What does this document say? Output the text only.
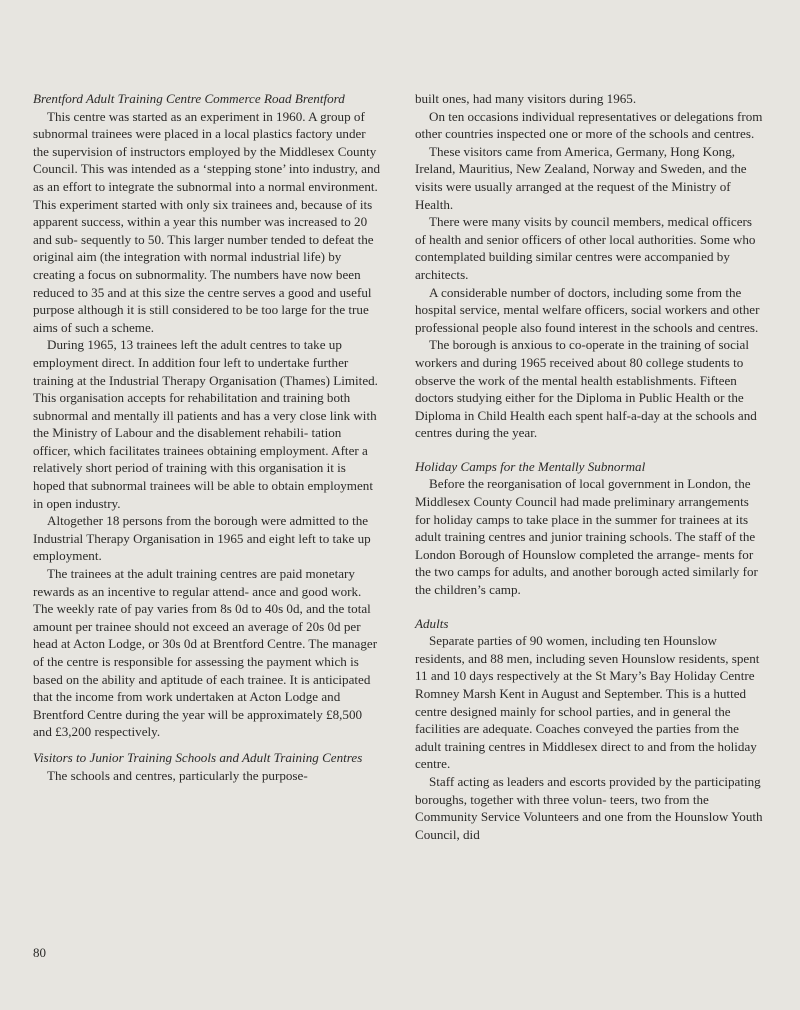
Brentford Adult Training Centre Commerce Road Brentford

This centre was started as an experiment in 1960. A group of subnormal trainees were placed in a local plastics factory under the supervision of instructors employed by the Middlesex County Council. This was intended as a ‘stepping stone’ into industry, and as an effort to integrate the subnormal into a normal environment. This experiment started with only six trainees and, because of its apparent success, within a year this number was increased to 20 and sub- sequently to 50. This larger number tended to defeat the original aim (the integration with normal industrial life) by creating a focus on subnormality. The numbers have now been reduced to 35 and at this size the centre serves a good and useful purpose although it is still considered to be too large for the true aims of such a scheme.

During 1965, 13 trainees left the adult centres to take up employment direct. In addition four left to undertake further training at the Industrial Therapy Organisation (Thames) Limited. This organisation accepts for rehabilitation and training both subnormal and mentally ill patients and has a very close link with the Ministry of Labour and the disablement rehabili- tation officer, which facilitates trainees obtaining employment. After a relatively short period of training with this organisation it is hoped that subnormal trainees will be able to obtain employment in open industry.

Altogether 18 persons from the borough were admitted to the Industrial Therapy Organisation in 1965 and eight left to take up employment.

The trainees at the adult training centres are paid monetary rewards as an incentive to regular attend- ance and good work. The weekly rate of pay varies from 8s 0d to 40s 0d, and the total amount per trainee should not exceed an average of 20s 0d per head at Acton Lodge, or 30s 0d at Brentford Centre. The manager of the centre is responsible for assessing the payment which is based on the ability and aptitude of each trainee. It is anticipated that the income from work undertaken at Acton Lodge and Brentford Centre during the year will be approximately £8,500 and £3,200 respectively.

Visitors to Junior Training Schools and Adult Training Centres

The schools and centres, particularly the purpose-

built ones, had many visitors during 1965.

On ten occasions individual representatives or delegations from other countries inspected one or more of the schools and centres.

These visitors came from America, Germany, Hong Kong, Ireland, Mauritius, New Zealand, Norway and Sweden, and the visits were usually arranged at the request of the Ministry of Health.

There were many visits by council members, medical officers of health and senior officers of other local authorities. Some who contemplated building similar centres were accompanied by architects.

A considerable number of doctors, including some from the hospital service, mental welfare officers, social workers and other professional people also found interest in the schools and centres.

The borough is anxious to co-operate in the training of social workers and during 1965 received about 80 college students to observe the work of the mental health establishments. Fifteen doctors studying either for the Diploma in Public Health or the Diploma in Child Health each spent half-a-day at the schools and centres during the year.

Holiday Camps for the Mentally Subnormal

Before the reorganisation of local government in London, the Middlesex County Council had made preliminary arrangements for holiday camps to take place in the summer for trainees at its adult training centres and junior training schools. The staff of the London Borough of Hounslow completed the arrange- ments for the two camps for adults, and another borough acted similarly for the children’s camp.

Adults

Separate parties of 90 women, including ten Hounslow residents, and 88 men, including seven Hounslow residents, spent 11 and 10 days respectively at the St Mary’s Bay Holiday Centre Romney Marsh Kent in August and September. This is a hutted centre designed mainly for school parties, and in general the facilities are adequate. Coaches conveyed the parties from the adult training centres in Middlesex direct to and from the holiday centre.

Staff acting as leaders and escorts provided by the participating boroughs, together with three volun- teers, two from the Community Service Volunteers and one from the Hounslow Youth Council, did

80
